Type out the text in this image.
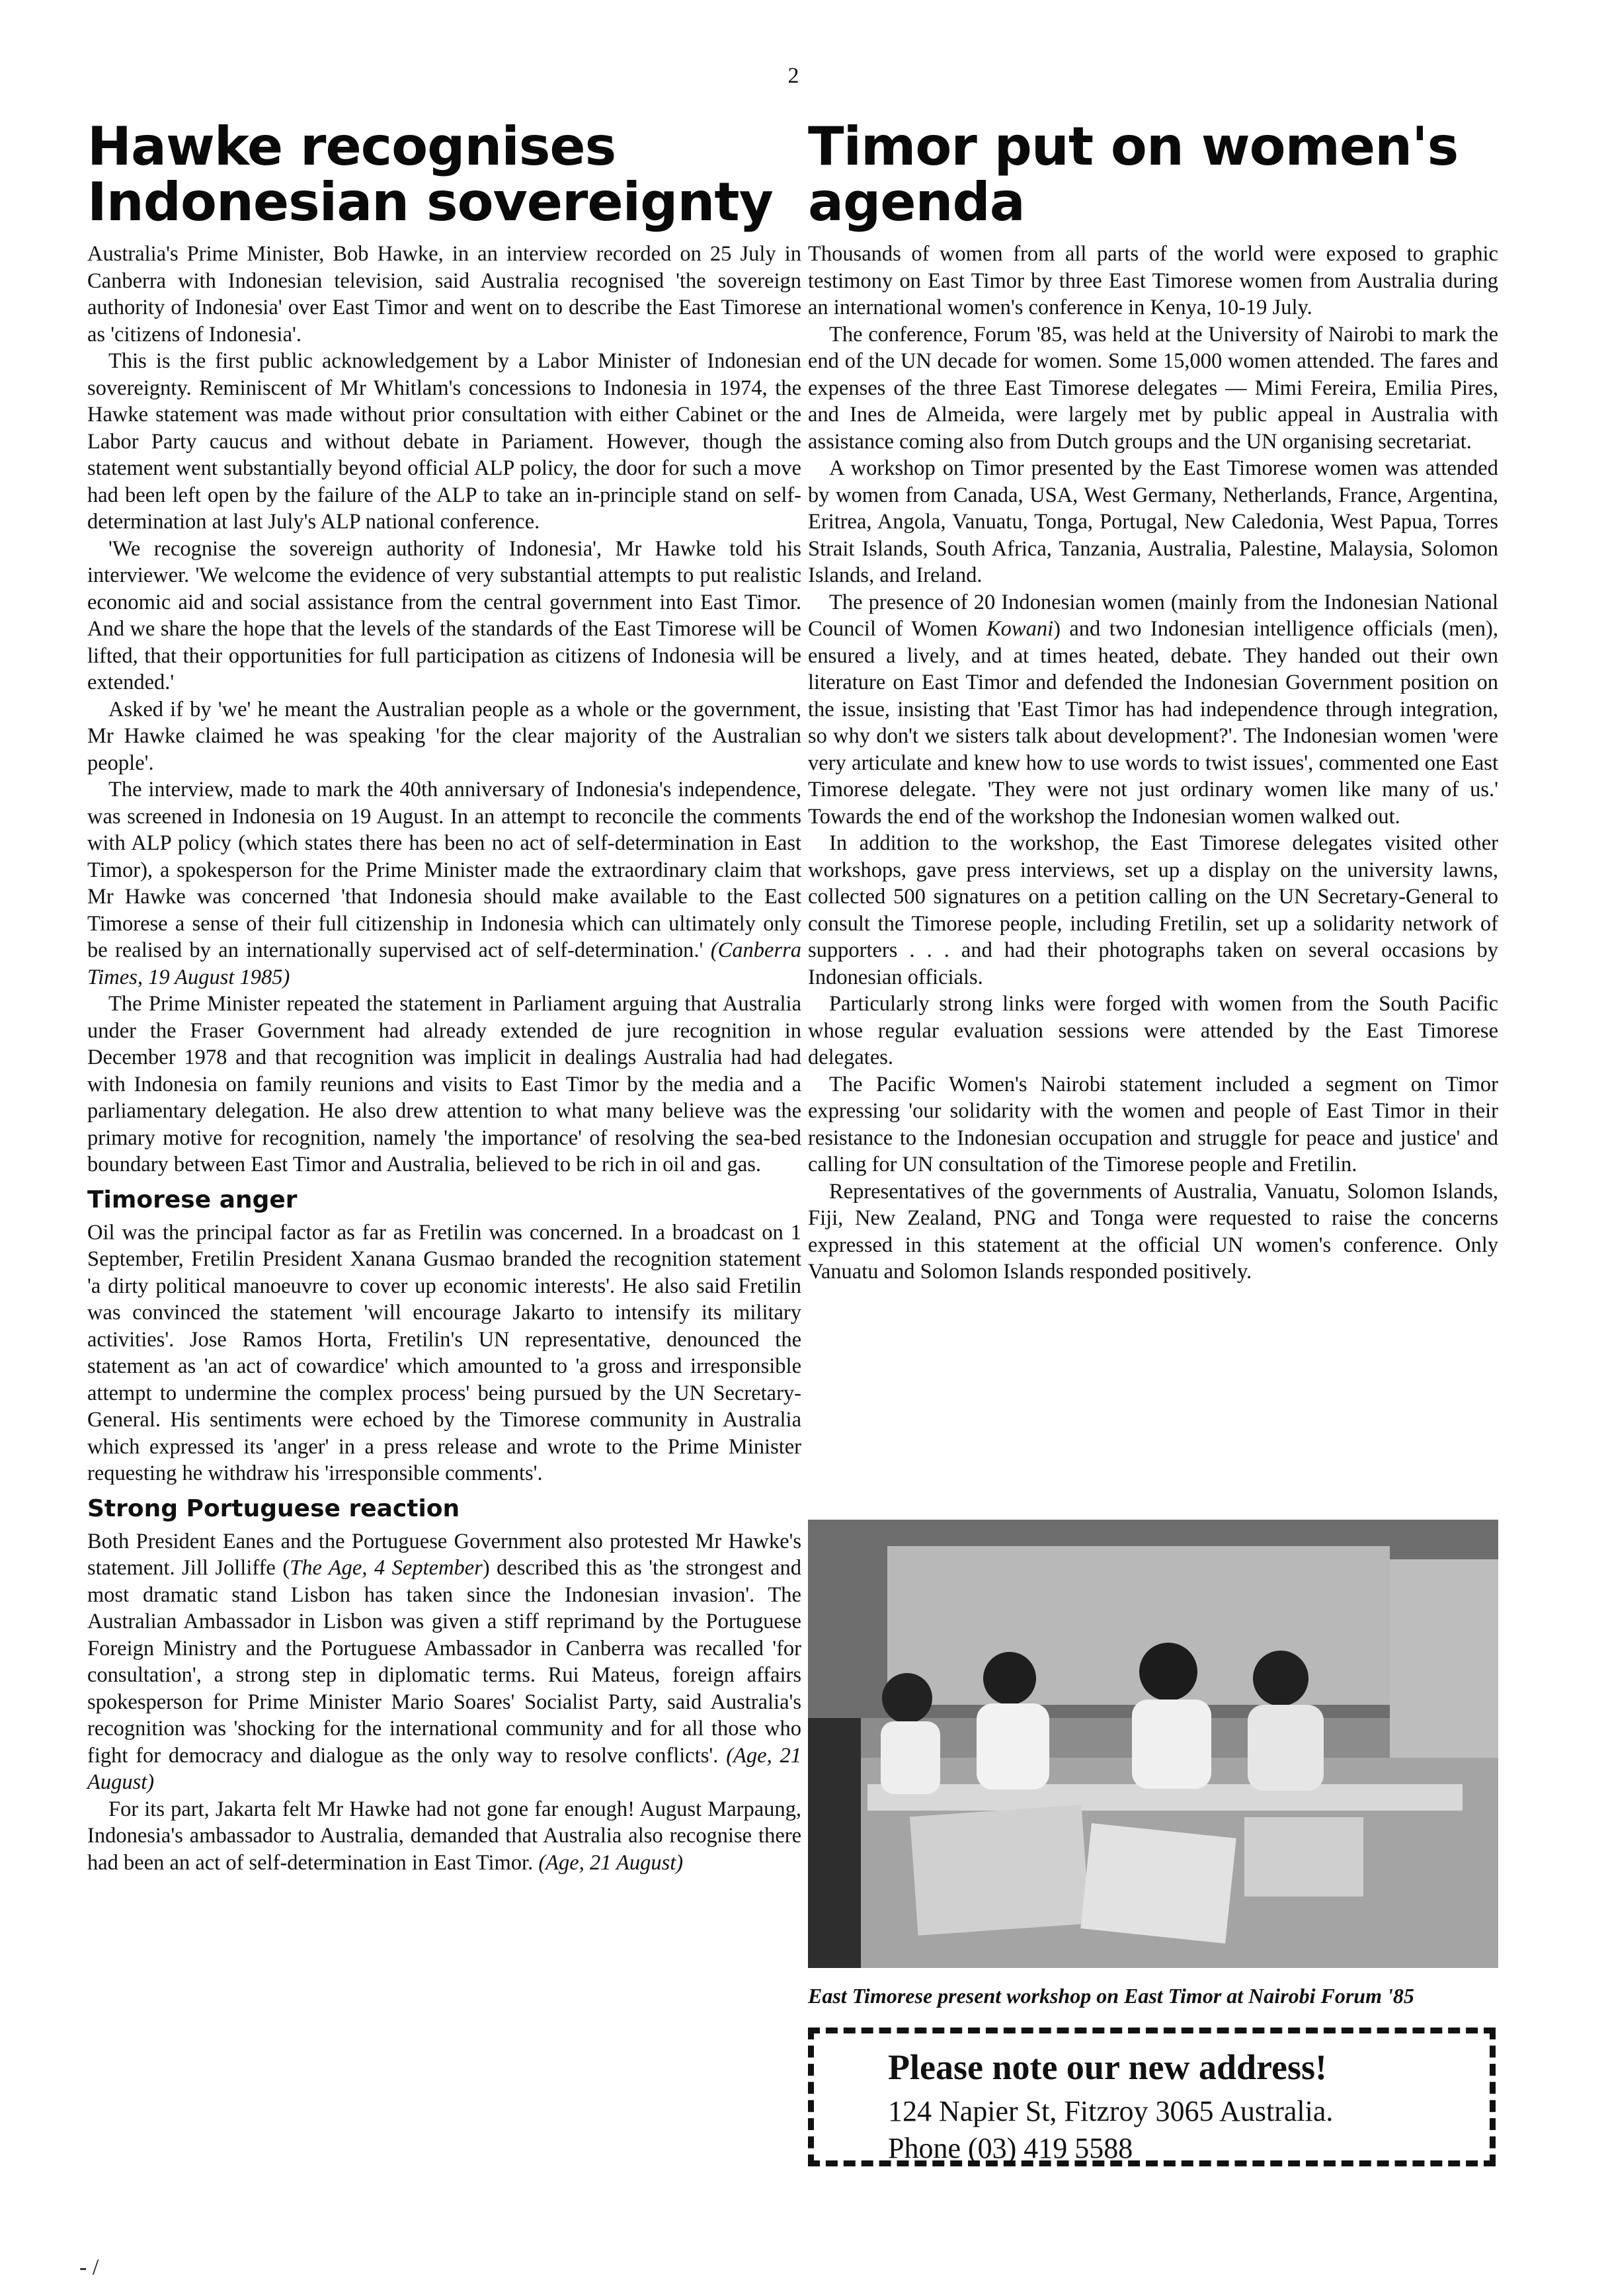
2
Hawke recognises
Indonesian sovereignty

Australia's Prime Minister, Bob Hawke, in an interview recorded on 25 July in Canberra with Indonesian television, said Australia recognised 'the sovereign authority of Indonesia' over East Timor and went on to describe the East Timorese as 'citizens of Indonesia'.

This is the first public acknowledgement by a Labor Minister of Indonesian sovereignty. Reminiscent of Mr Whitlam's concessions to Indonesia in 1974, the Hawke statement was made without prior consultation with either Cabinet or the Labor Party caucus and without debate in Pariament. However, though the statement went substantially beyond official ALP policy, the door for such a move had been left open by the failure of the ALP to take an in-principle stand on self-determination at last July's ALP national conference.

'We recognise the sovereign authority of Indonesia', Mr Hawke told his interviewer. 'We welcome the evidence of very substantial attempts to put realistic economic aid and social assistance from the central government into East Timor. And we share the hope that the levels of the standards of the East Timorese will be lifted, that their opportunities for full participation as citizens of Indonesia will be extended.'

Asked if by 'we' he meant the Australian people as a whole or the government, Mr Hawke claimed he was speaking 'for the clear majority of the Australian people'.

The interview, made to mark the 40th anniversary of Indonesia's independence, was screened in Indonesia on 19 August. In an attempt to reconcile the comments with ALP policy (which states there has been no act of self-determination in East Timor), a spokesperson for the Prime Minister made the extraordinary claim that Mr Hawke was concerned 'that Indonesia should make available to the East Timorese a sense of their full citizenship in Indonesia which can ultimately only be realised by an internationally supervised act of self-determination.' (Canberra Times, 19 August 1985)

The Prime Minister repeated the statement in Parliament arguing that Australia under the Fraser Government had already extended de jure recognition in December 1978 and that recognition was implicit in dealings Australia had had with Indonesia on family reunions and visits to East Timor by the media and a parliamentary delegation. He also drew attention to what many believe was the primary motive for recognition, namely 'the importance' of resolving the sea-bed boundary between East Timor and Australia, believed to be rich in oil and gas.

Timorese anger

Oil was the principal factor as far as Fretilin was concerned. In a broadcast on 1 September, Fretilin President Xanana Gusmao branded the recognition statement 'a dirty political manoeuvre to cover up economic interests'. He also said Fretilin was convinced the statement 'will encourage Jakarto to intensify its military activities'. Jose Ramos Horta, Fretilin's UN representative, denounced the statement as 'an act of cowardice' which amounted to 'a gross and irresponsible attempt to undermine the complex process' being pursued by the UN Secretary-General. His sentiments were echoed by the Timorese community in Australia which expressed its 'anger' in a press release and wrote to the Prime Minister requesting he withdraw his 'irresponsible comments'.

Strong Portuguese reaction

Both President Eanes and the Portuguese Government also protested Mr Hawke's statement. Jill Jolliffe (The Age, 4 September) described this as 'the strongest and most dramatic stand Lisbon has taken since the Indonesian invasion'. The Australian Ambassador in Lisbon was given a stiff reprimand by the Portuguese Foreign Ministry and the Portuguese Ambassador in Canberra was recalled 'for consultation', a strong step in diplomatic terms. Rui Mateus, foreign affairs spokesperson for Prime Minister Mario Soares' Socialist Party, said Australia's recognition was 'shocking for the international community and for all those who fight for democracy and dialogue as the only way to resolve conflicts'. (Age, 21 August)

For its part, Jakarta felt Mr Hawke had not gone far enough! August Marpaung, Indonesia's ambassador to Australia, demanded that Australia also recognise there had been an act of self-determination in East Timor. (Age, 21 August)

Timor put on women's
agenda

Thousands of women from all parts of the world were exposed to graphic testimony on East Timor by three East Timorese women from Australia during an international women's conference in Kenya, 10-19 July.

The conference, Forum '85, was held at the University of Nairobi to mark the end of the UN decade for women. Some 15,000 women attended. The fares and expenses of the three East Timorese delegates — Mimi Fereira, Emilia Pires, and Ines de Almeida, were largely met by public appeal in Australia with assistance coming also from Dutch groups and the UN organising secretariat.

A workshop on Timor presented by the East Timorese women was attended by women from Canada, USA, West Germany, Netherlands, France, Argentina, Eritrea, Angola, Vanuatu, Tonga, Portugal, New Caledonia, West Papua, Torres Strait Islands, South Africa, Tanzania, Australia, Palestine, Malaysia, Solomon Islands, and Ireland.

The presence of 20 Indonesian women (mainly from the Indonesian National Council of Women Kowani) and two Indonesian intelligence officials (men), ensured a lively, and at times heated, debate. They handed out their own literature on East Timor and defended the Indonesian Government position on the issue, insisting that 'East Timor has had independence through integration, so why don't we sisters talk about development?'. The Indonesian women 'were very articulate and knew how to use words to twist issues', commented one East Timorese delegate. 'They were not just ordinary women like many of us.' Towards the end of the workshop the Indonesian women walked out.

In addition to the workshop, the East Timorese delegates visited other workshops, gave press interviews, set up a display on the university lawns, collected 500 signatures on a petition calling on the UN Secretary-General to consult the Timorese people, including Fretilin, set up a solidarity network of supporters . . . and had their photographs taken on several occasions by Indonesian officials.

Particularly strong links were forged with women from the South Pacific whose regular evaluation sessions were attended by the East Timorese delegates.

The Pacific Women's Nairobi statement included a segment on Timor expressing 'our solidarity with the women and people of East Timor in their resistance to the Indonesian occupation and struggle for peace and justice' and calling for UN consultation of the Timorese people and Fretilin.

Representatives of the governments of Australia, Vanuatu, Solomon Islands, Fiji, New Zealand, PNG and Tonga were requested to raise the concerns expressed in this statement at the official UN women's conference. Only Vanuatu and Solomon Islands responded positively.

East Timorese present workshop on East Timor at Nairobi Forum '85
Please note our new address!
124 Napier St, Fitzroy 3065 Australia.
Phone (03) 419 5588
- /
